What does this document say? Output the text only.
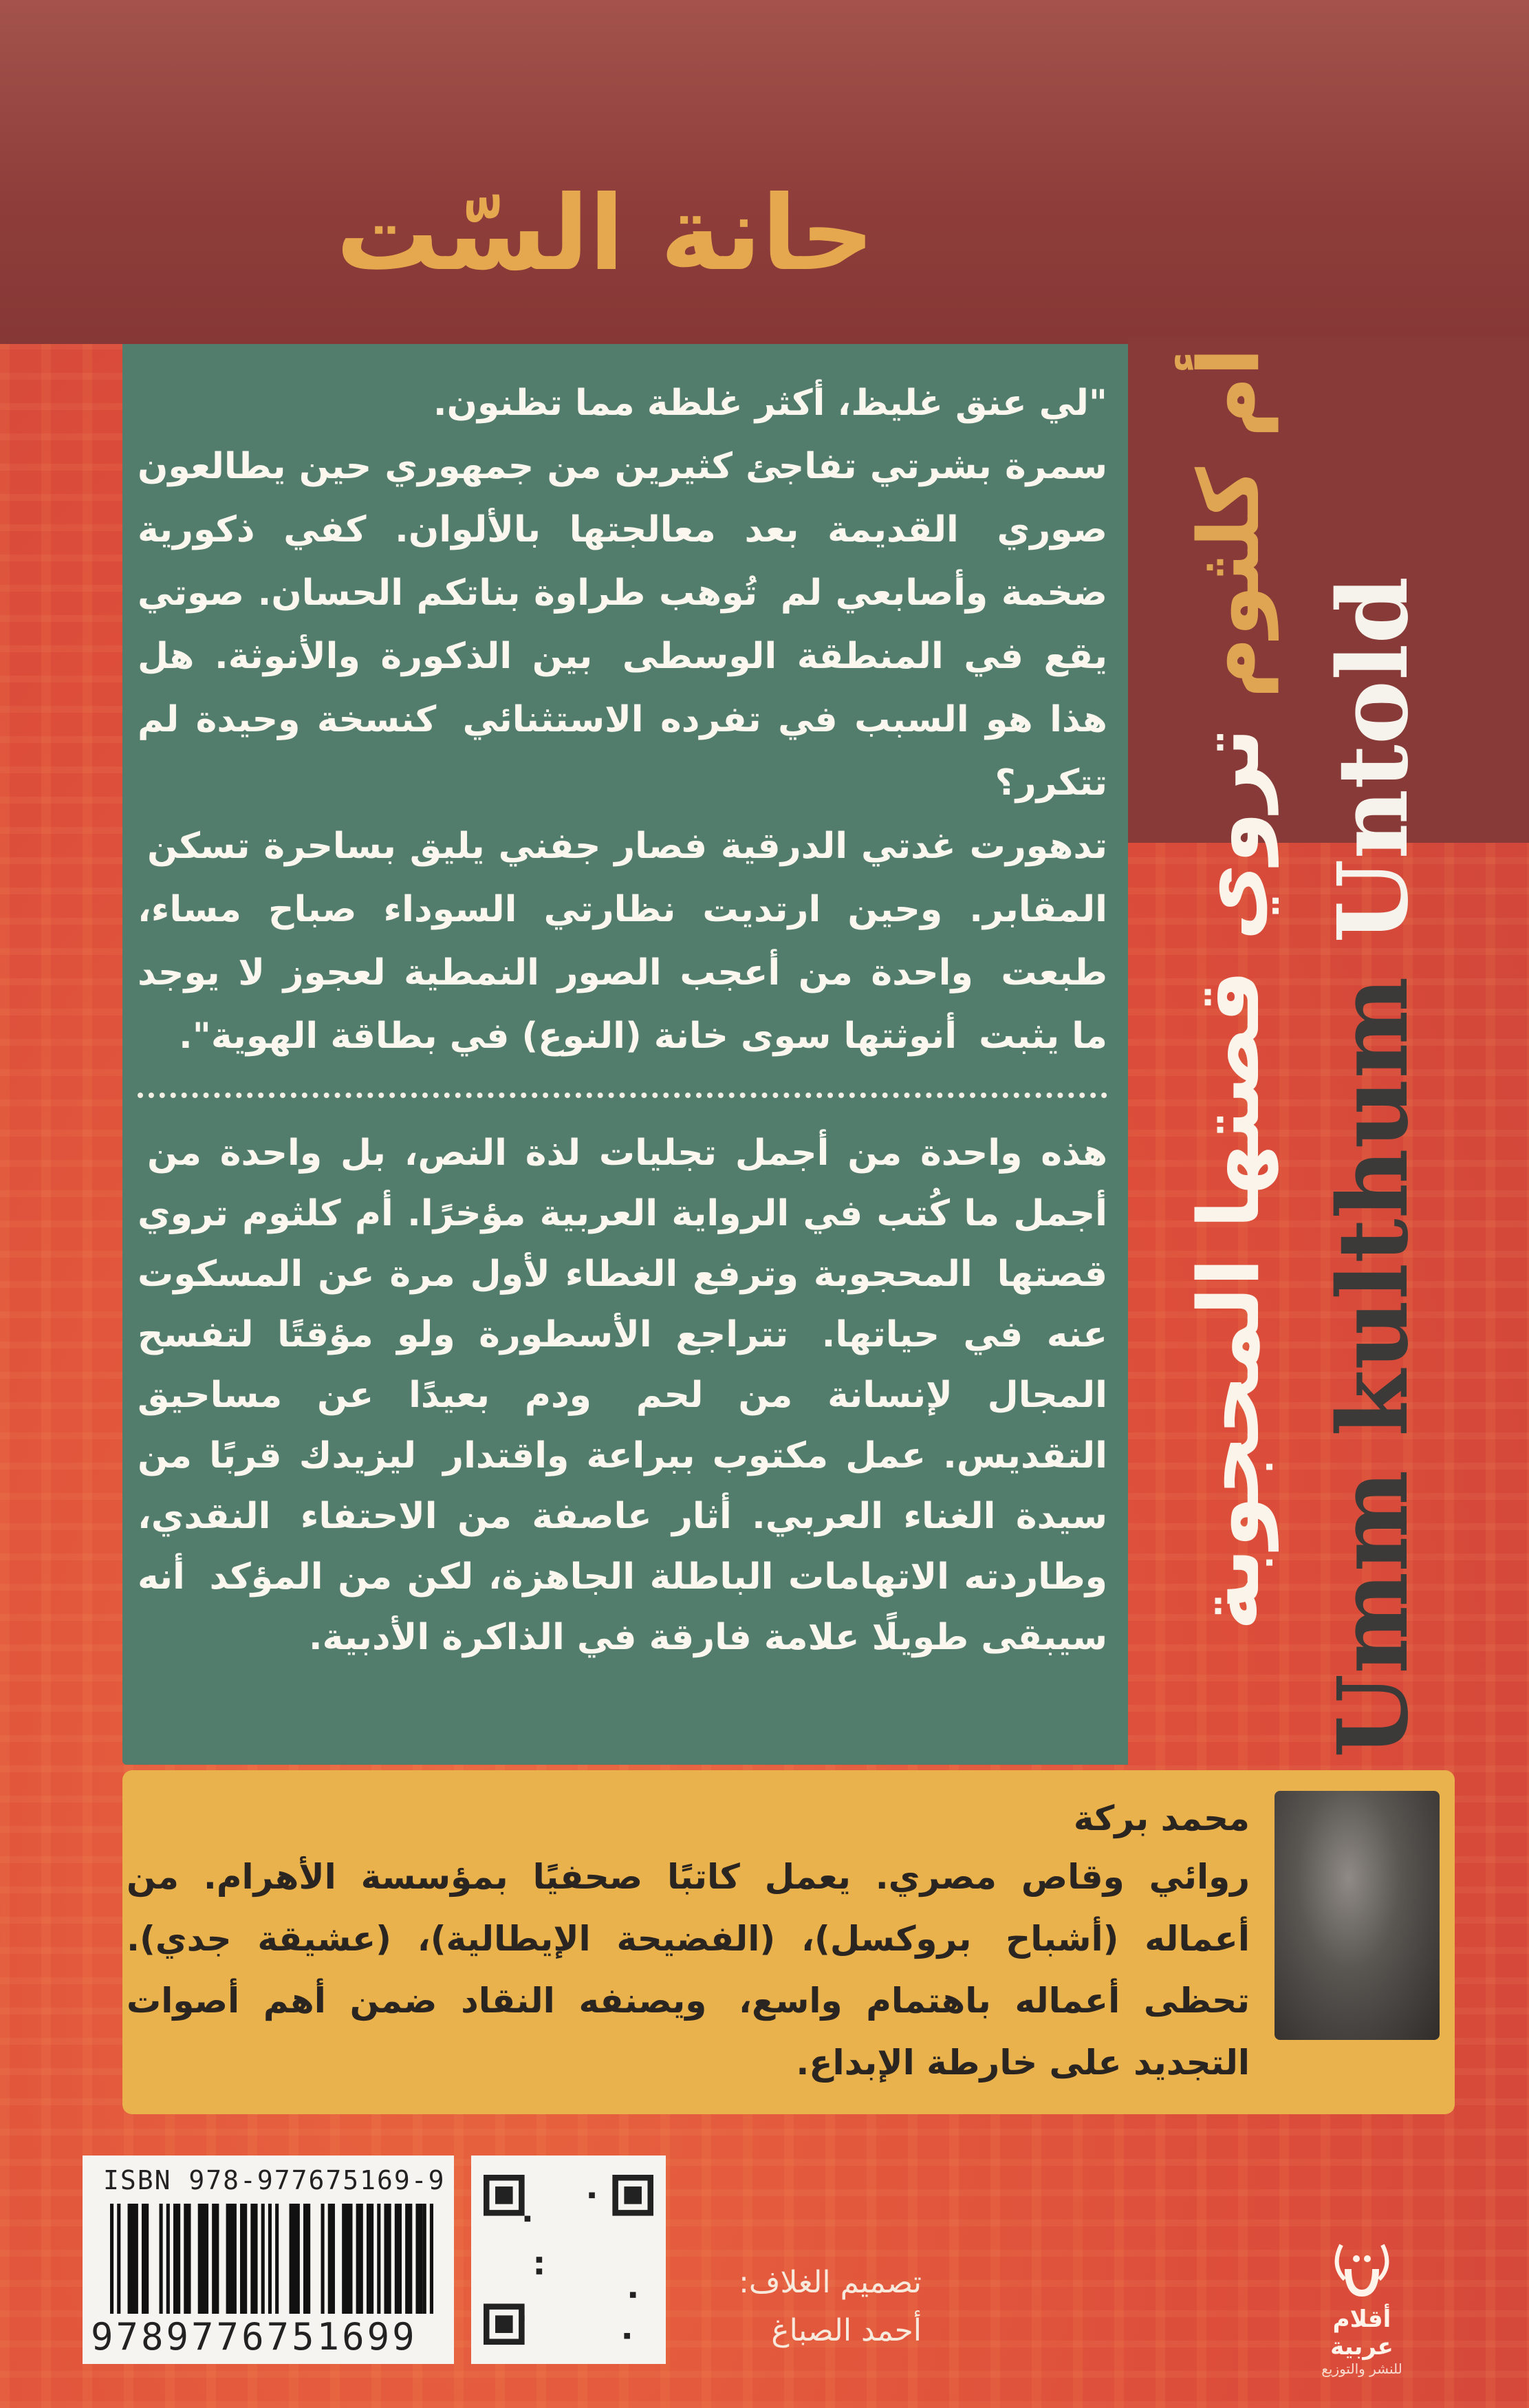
حانة السّت
أم كلثوم تروي قصتها المحجوبة Umm kulthum Untold
"لي عنق غليظ، أكثر غلظة مما تظنون.
سمرة بشرتي تفاجئ كثيرين من جمهوري حين يطالعون صوري القديمة بعد معالجتها بالألوان. كفي ذكورية ضخمة وأصابعي لم تُوهب طراوة بناتكم الحسان. صوتي يقع في المنطقة الوسطى بين الذكورة والأنوثة. هل هذا هو السبب في تفرده الاستثنائي كنسخة وحيدة لم تتكرر؟
تدهورت غدتي الدرقية فصار جفني يليق بساحرة تسكن المقابر. وحين ارتديت نظارتي السوداء صباح مساء، طبعت واحدة من أعجب الصور النمطية لعجوز لا يوجد ما يثبت أنوثتها سوى خانة (النوع) في بطاقة الهوية".
هذه واحدة من أجمل تجليات لذة النص، بل واحدة من أجمل ما كُتب في الرواية العربية مؤخرًا. أم كلثوم تروي قصتها المحجوبة وترفع الغطاء لأول مرة عن المسكوت عنه في حياتها. تتراجع الأسطورة ولو مؤقتًا لتفسح المجال لإنسانة من لحم ودم بعيدًا عن مساحيق التقديس. عمل مكتوب ببراعة واقتدار ليزيدك قربًا من سيدة الغناء العربي. أثار عاصفة من الاحتفاء النقدي، وطاردته الاتهامات الباطلة الجاهزة، لكن من المؤكد أنه سيبقى طويلًا علامة فارقة في الذاكرة الأدبية.
محمد بركة
روائي وقاص مصري. يعمل كاتبًا صحفيًا بمؤسسة الأهرام. من أعماله (أشباح بروكسل)، (الفضيحة الإيطالية)، (عشيقة جدي). تحظى أعماله باهتمام واسع، ويصنفه النقاد ضمن أهم أصوات التجديد على خارطة الإبداع.
ISBN 978-977675169-9
9789776751699
تصميم الغلاف:
أحمد الصباغ	أقلام عربية
للنشر والتوزيع
